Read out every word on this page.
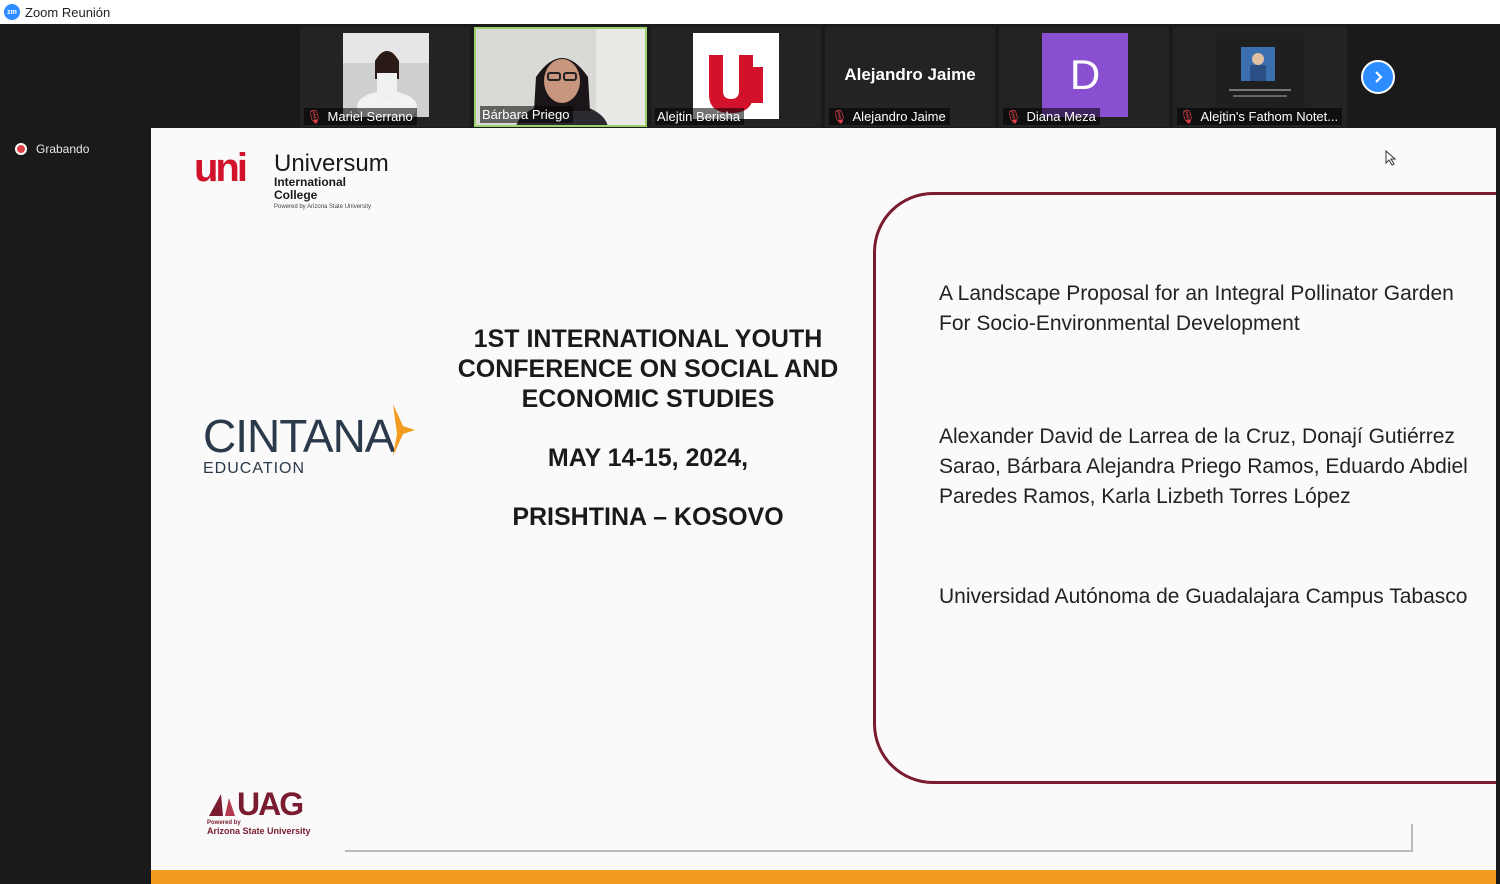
zm Zoom Reunión
🎙 Mariel Serrano	Bárbara Priego	Alejtin Berisha
Alejandro Jaime
🎙 Alejandro Jaime
D
🎙 Diana Meza	🎙 Alejtin's Fathom Notet...
Grabando	uni Universum
International College
Powered by Arizona State University
CINTANA
EDUCATION
1ST INTERNATIONAL YOUTH CONFERENCE ON SOCIAL AND ECONOMIC STUDIES
MAY 14-15, 2024,
PRISHTINA – KOSOVO
A Landscape Proposal for an Integral Pollinator Garden For Socio-Environmental Development
Alexander David de Larrea de la Cruz, Donají Gutiérrez Sarao, Bárbara Alejandra Priego Ramos, Eduardo Abdiel Paredes Ramos, Karla Lizbeth Torres López
Universidad Autónoma de Guadalajara Campus Tabasco
UAG
Powered by
Arizona State University
